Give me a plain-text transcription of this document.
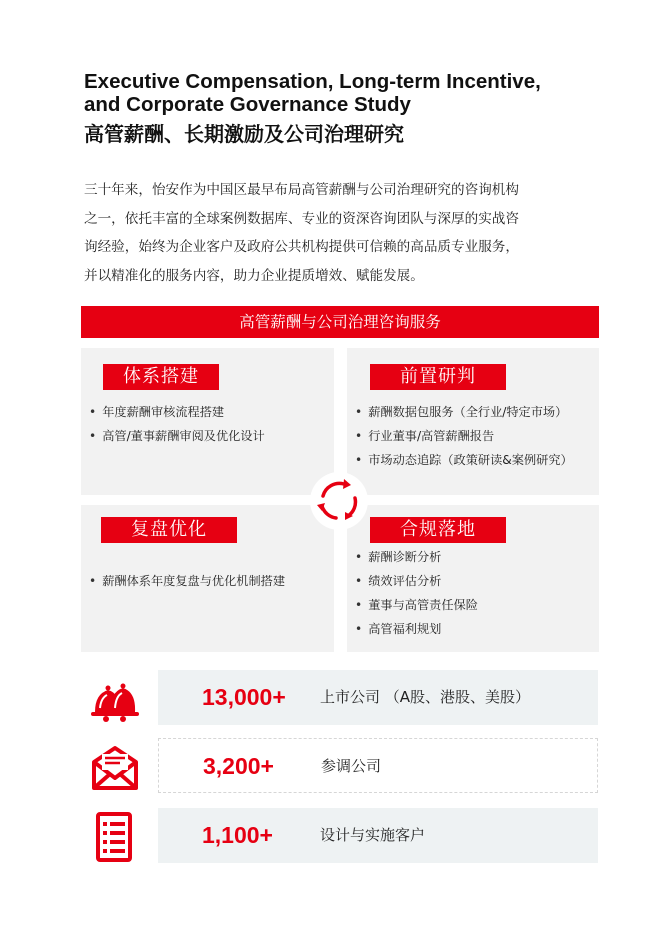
Executive Compensation, Long-term Incentive,
and Corporate Governance Study
高管薪酬、长期激励及公司治理研究
三十年来，怡安作为中国区最早布局高管薪酬与公司治理研究的咨询机构
之一，依托丰富的全球案例数据库、专业的资深咨询团队与深厚的实战咨
询经验，始终为企业客户及政府公共机构提供可信赖的高品质专业服务，
并以精准化的服务内容，助力企业提质增效、赋能发展。
高管薪酬与公司治理咨询服务
体系搭建
• 年度薪酬审核流程搭建
• 高管/董事薪酬审阅及优化设计
前置研判
• 薪酬数据包服务（全行业/特定市场）
• 行业董事/高管薪酬报告
• 市场动态追踪（政策研读&案例研究）
复盘优化
• 薪酬体系年度复盘与优化机制搭建
合规落地
• 薪酬诊断分析
• 绩效评估分析
• 董事与高管责任保险
• 高管福利规划
13,000+ 上市公司 （A股、港股、美股）
3,200+	参调公司
1,100+	设计与实施客户
